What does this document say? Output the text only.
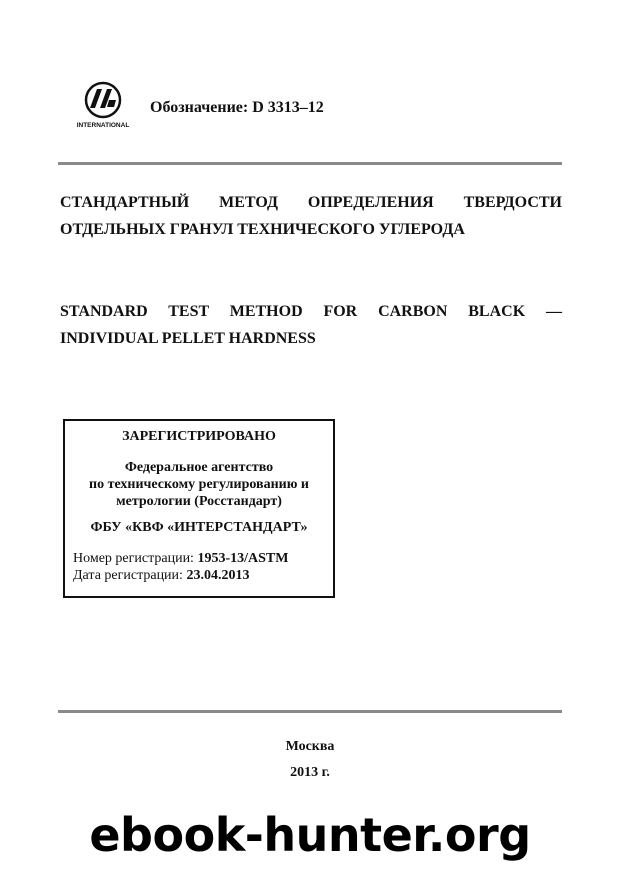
INTERNATIONAL
Обозначение: D 3313–12
СТАНДАРТНЫЙ МЕТОД ОПРЕДЕЛЕНИЯ ТВЕРДОСТИ
ОТДЕЛЬНЫХ ГРАНУЛ ТЕХНИЧЕСКОГО УГЛЕРОДА
STANDARD TEST METHOD FOR CARBON BLACK —
INDIVIDUAL PELLET HARDNESS
ЗАРЕГИСТРИРОВАНО
Федеральное агентство
по техническому регулированию и
метрологии (Росстандарт)
ФБУ «КВФ «ИНТЕРСТАНДАРТ»
Номер регистрации: 1953-13/ASTM
Дата регистрации: 23.04.2013
Москва
2013 г.
ebook-hunter.org
